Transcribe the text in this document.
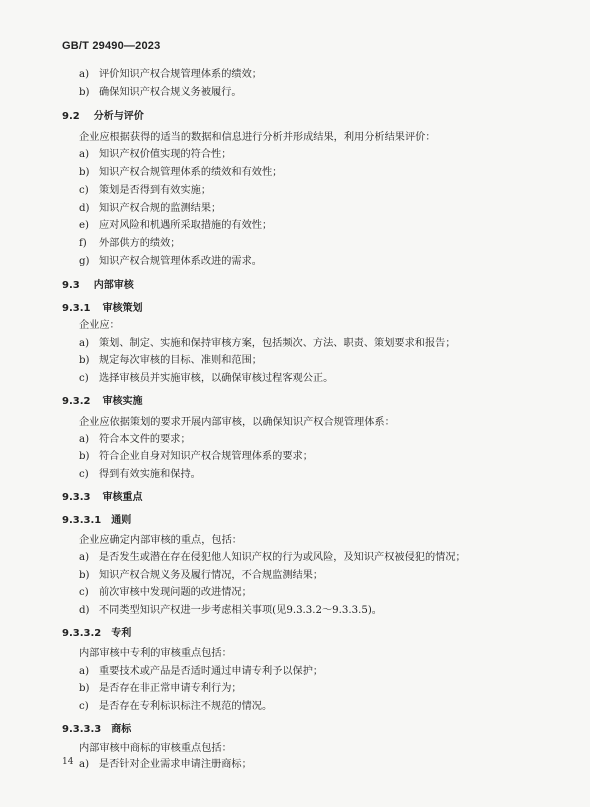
GB/T 29490—2023
a) 评价知识产权合规管理体系的绩效；
b) 确保知识产权合规义务被履行。
9.2 分析与评价
企业应根据获得的适当的数据和信息进行分析并形成结果，利用分析结果评价：
a) 知识产权价值实现的符合性；
b) 知识产权合规管理体系的绩效和有效性；
c) 策划是否得到有效实施；
d) 知识产权合规的监测结果；
e) 应对风险和机遇所采取措施的有效性；
f) 外部供方的绩效；
g) 知识产权合规管理体系改进的需求。
9.3 内部审核
9.3.1 审核策划
企业应：
a) 策划、制定、实施和保持审核方案，包括频次、方法、职责、策划要求和报告；
b) 规定每次审核的目标、准则和范围；
c) 选择审核员并实施审核，以确保审核过程客观公正。
9.3.2 审核实施
企业应依据策划的要求开展内部审核，以确保知识产权合规管理体系：
a) 符合本文件的要求；
b) 符合企业自身对知识产权合规管理体系的要求；
c) 得到有效实施和保持。
9.3.3 审核重点
9.3.3.1 通则
企业应确定内部审核的重点，包括：
a) 是否发生或潜在存在侵犯他人知识产权的行为或风险，及知识产权被侵犯的情况；
b) 知识产权合规义务及履行情况，不合规监测结果；
c) 前次审核中发现问题的改进情况；
d) 不同类型知识产权进一步考虑相关事项(见9.3.3.2～9.3.3.5)。
9.3.3.2 专利
内部审核中专利的审核重点包括：
a) 重要技术或产品是否适时通过申请专利予以保护；
b) 是否存在非正常申请专利行为；
c) 是否存在专利标识标注不规范的情况。
9.3.3.3 商标
内部审核中商标的审核重点包括：
a) 是否针对企业需求申请注册商标；
14
